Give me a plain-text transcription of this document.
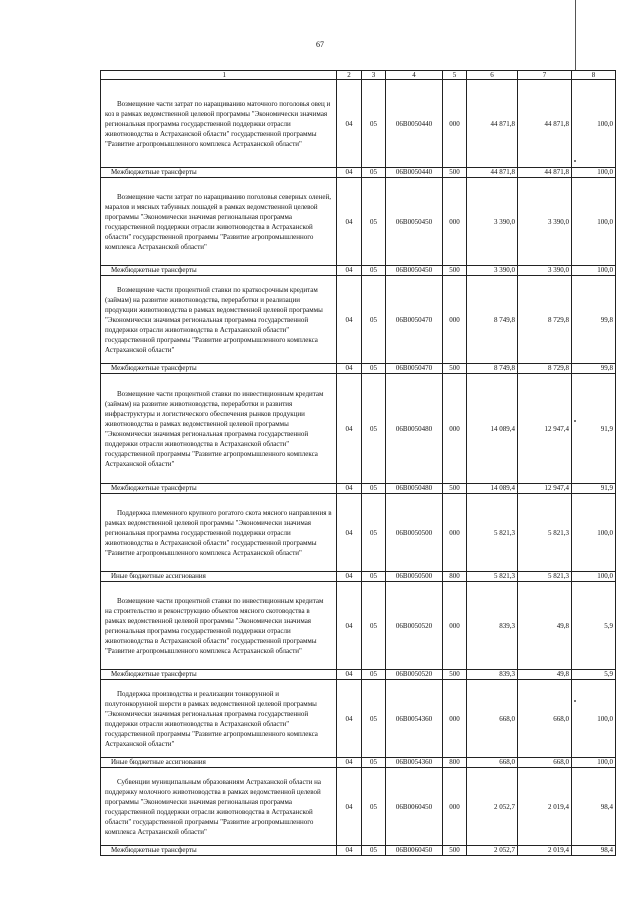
67
1	2	3	4	5	6	7	8

Возмещение части затрат по наращиванию маточного поголовья овец и коз в рамках ведомственной целевой программы "Экономически значимая региональная программа государственной поддержки отрасли животноводства в Астраханской области" государственной программы "Развитие агропромышленного комплекса Астраханской области"	04	05	06В0050440	000	44 871,8	44 871,8	100,0
Межбюджетные трансферты	04	05	06В0050440	500	44 871,8	44 871,8	100,0

Возмещение части затрат по наращиванию поголовья северных оленей, маралов и мясных табунных лошадей в рамках ведомственной целевой программы "Экономически значимая региональная программа государственной поддержки отрасли животноводства в Астраханской области" государственной программы "Развитие агропромышленного комплекса Астраханской области"	04	05	06В0050450	000	3 390,0	3 390,0	100,0
Межбюджетные трансферты	04	05	06В0050450	500	3 390,0	3 390,0	100,0

Возмещение части процентной ставки по краткосрочным кредитам (займам) на развитие животноводства, переработки и реализации продукции животноводства в рамках ведомственной целевой программы "Экономически значимая региональная программа государственной поддержки отрасли животноводства в Астраханской области" государственной программы "Развитие агропромышленного комплекса Астраханской области"	04	05	06В0050470	000	8 749,8	8 729,8	99,8
Межбюджетные трансферты	04	05	06В0050470	500	8 749,8	8 729,8	99,8

Возмещение части процентной ставки по инвестиционным кредитам (займам) на развитие животноводства, переработки и развития инфраструктуры и логистического обеспечения рынков продукции животноводства в рамках ведомственной целевой программы "Экономически значимая региональная программа государственной поддержки отрасли животноводства в Астраханской области" государственной программы "Развитие агропромышленного комплекса Астраханской области"	04	05	06В0050480	000	14 089,4	12 947,4	91,9
Межбюджетные трансферты	04	05	06В0050480	500	14 089,4	12 947,4	91,9

Поддержка племенного крупного рогатого скота мясного направления в рамках ведомственной целевой программы "Экономически значимая региональная программа государственной поддержки отрасли животноводства в Астраханской области" государственной программы "Развитие агропромышленного комплекса Астраханской области"	04	05	06В0050500	000	5 821,3	5 821,3	100,0
Иные бюджетные ассигнования	04	05	06В0050500	800	5 821,3	5 821,3	100,0

Возмещение части процентной ставки по инвестиционным кредитам на строительство и реконструкцию объектов мясного скотоводства в рамках ведомственной целевой программы "Экономически значимая региональная программа государственной поддержки отрасли животноводства в Астраханской области" государственной программы "Развитие агропромышленного комплекса Астраханской области"	04	05	06В0050520	000	839,3	49,8	5,9
Межбюджетные трансферты	04	05	06В0050520	500	839,3	49,8	5,9

Поддержка производства и реализации тонкорунной и полутонкорунной шерсти в рамках ведомственной целевой программы "Экономически значимая региональная программа государственной поддержки отрасли животноводства в Астраханской области" государственной программы "Развитие агропромышленного комплекса Астраханской области"	04	05	06В0054360	000	668,0	668,0	100,0
Иные бюджетные ассигнования	04	05	06В0054360	800	668,0	668,0	100,0

Субвенции муниципальным образованиям Астраханской области на поддержку молочного животноводства в рамках ведомственной целевой программы "Экономически значимая региональная программа государственной поддержки отрасли животноводства в Астраханской области" государственной программы "Развитие агропромышленного комплекса Астраханской области"	04	05	06В0060450	000	2 052,7	2 019,4	98,4
Межбюджетные трансферты	04	05	06В0060450	500	2 052,7	2 019,4	98,4
